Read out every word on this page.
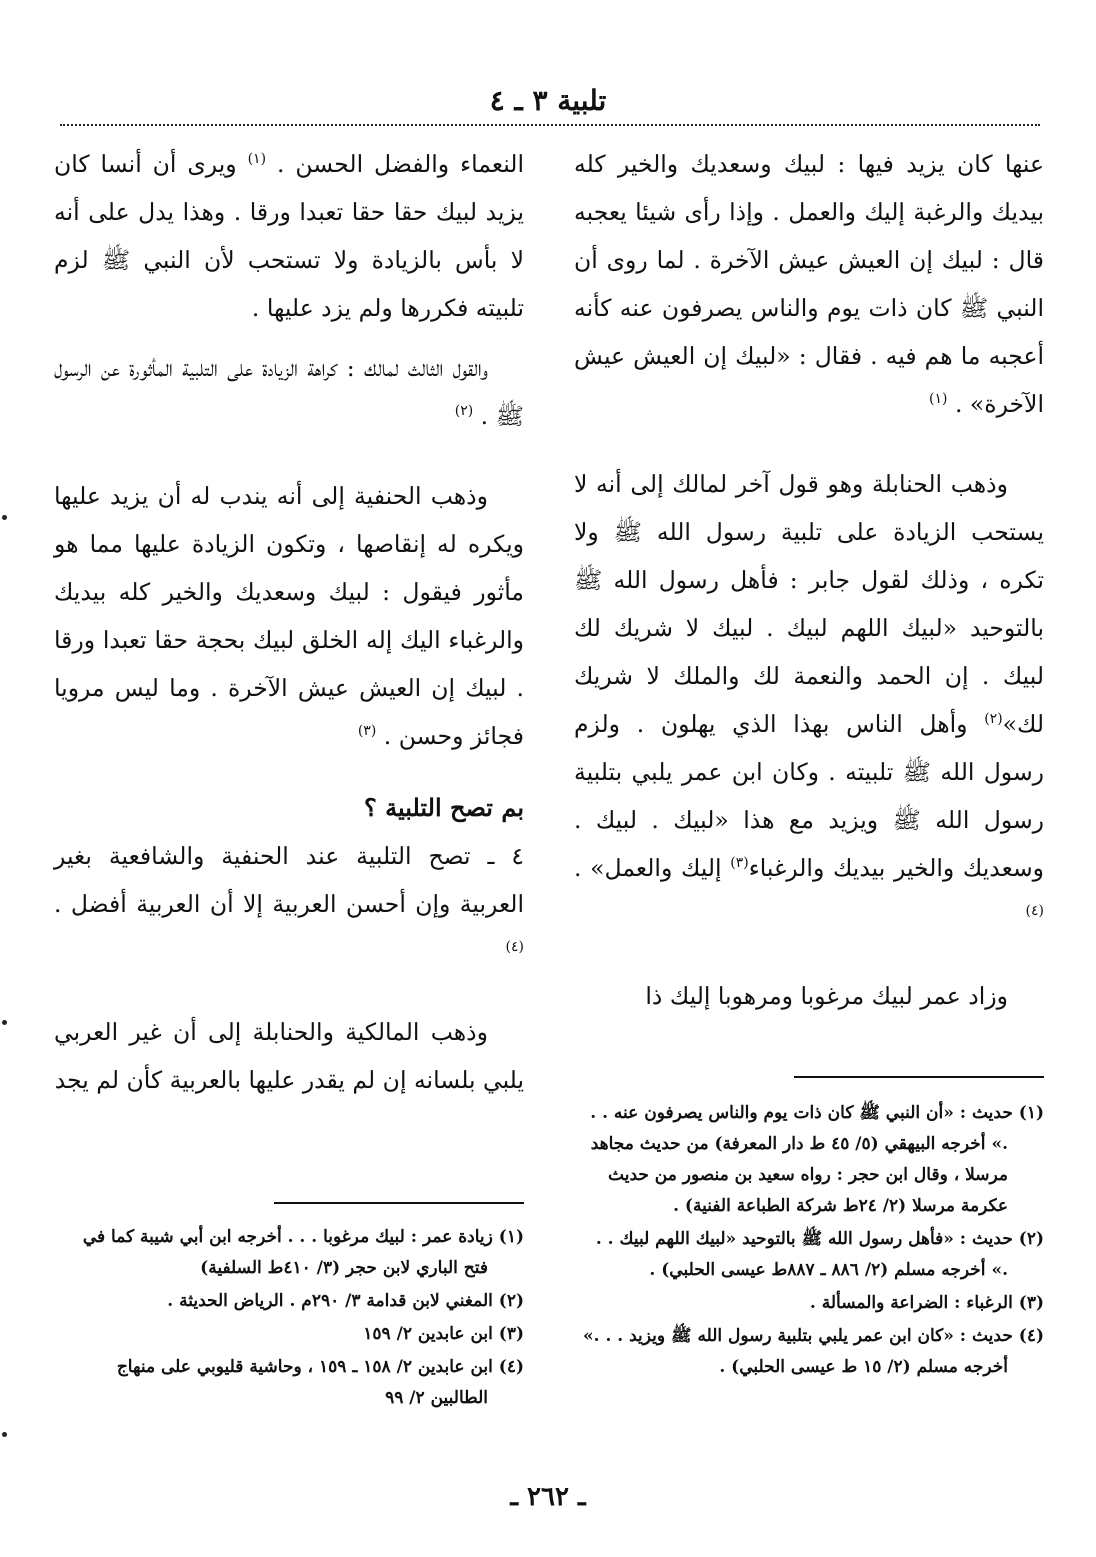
تلبية ٣ ـ ٤

عنها كان يزيد فيها : لبيك وسعديك والخير كله بيديك والرغبة إليك والعمل . وإذا رأى شيئا يعجبه قال : لبيك إن العيش عيش الآخرة . لما روى أن النبي ﷺ كان ذات يوم والناس يصرفون عنه كأنه أعجبه ما هم فيه . فقال : «لبيك إن العيش عيش الآخرة» . $^{(١)}$

وذهب الحنابلة وهو قول آخر لمالك إلى أنه لا يستحب الزيادة على تلبية رسول الله ﷺ ولا تكره ، وذلك لقول جابر : فأهل رسول الله ﷺ بالتوحيد «لبيك اللهم لبيك . لبيك لا شريك لك لبيك . إن الحمد والنعمة لك والملك لا شريك لك»$^{(٢)}$ وأهل الناس بهذا الذي يهلون . ولزم رسول الله ﷺ تلبيته . وكان ابن عمر يلبي بتلبية رسول الله ﷺ ويزيد مع هذا «لبيك . لبيك . وسعديك والخير بيديك والرغباء$^{(٣)}$ إليك والعمل» . $^{(٤)}$

وزاد عمر لبيك مرغوبا ومرهوبا إليك ذا

النعماء والفضل الحسن . $^{(١)}$ ويرى أن أنسا كان يزيد لبيك حقا حقا تعبدا ورقا . وهذا يدل على أنه لا بأس بالزيادة ولا تستحب لأن النبي ﷺ لزم تلبيته فكررها ولم يزد عليها .

والقول الثالث لمالك : كراهة الزيادة على التلبية المأثورة عن الرسول ﷺ . $^{(٢)}$

وذهب الحنفية إلى أنه يندب له أن يزيد عليها ويكره له إنقاصها ، وتكون الزيادة عليها مما هو مأثور فيقول : لبيك وسعديك والخير كله بيديك والرغباء اليك إله الخلق لبيك بحجة حقا تعبدا ورقا . لبيك إن العيش عيش الآخرة . وما ليس مرويا فجائز وحسن . $^{(٣)}$

بم تصح التلبية ؟

٤ ـ تصح التلبية عند الحنفية والشافعية بغير العربية وإن أحسن العربية إلا أن العربية أفضل . $^{(٤)}$

وذهب المالكية والحنابلة إلى أن غير العربي يلبي بلسانه إن لم يقدر عليها بالعربية كأن لم يجد

(١) حديث : «أن النبي ﷺ كان ذات يوم والناس يصرفون عنه . . .» أخرجه البيهقي (٥/ ٤٥ ط دار المعرفة) من حديث مجاهد مرسلا ، وقال ابن حجر : رواه سعيد بن منصور من حديث عكرمة مرسلا (٢/ ٢٤ط شركة الطباعة الفنية) .

(٢) حديث : «فأهل رسول الله ﷺ بالتوحيد «لبيك اللهم لبيك . . .» أخرجه مسلم (٢/ ٨٨٦ ـ ٨٨٧ط عيسى الحلبي) .

(٣) الرغباء : الضراعة والمسألة .

(٤) حديث : «كان ابن عمر يلبي بتلبية رسول الله ﷺ ويزيد . . .» أخرجه مسلم (٢/ ١٥ ط عيسى الحلبي) .

(١) زيادة عمر : لبيك مرغوبا . . . أخرجه ابن أبي شيبة كما في فتح الباري لابن حجر (٣/ ٤١٠ط السلفية)

(٢) المغني لابن قدامة ٣/ ٢٩٠م . الرياض الحديثة .

(٣) ابن عابدين ٢/ ١٥٩

(٤) ابن عابدين ٢/ ١٥٨ ـ ١٥٩ ، وحاشية قليوبي على منهاج الطالبين ٢/ ٩٩

ـ ٢٦٢ ـ
